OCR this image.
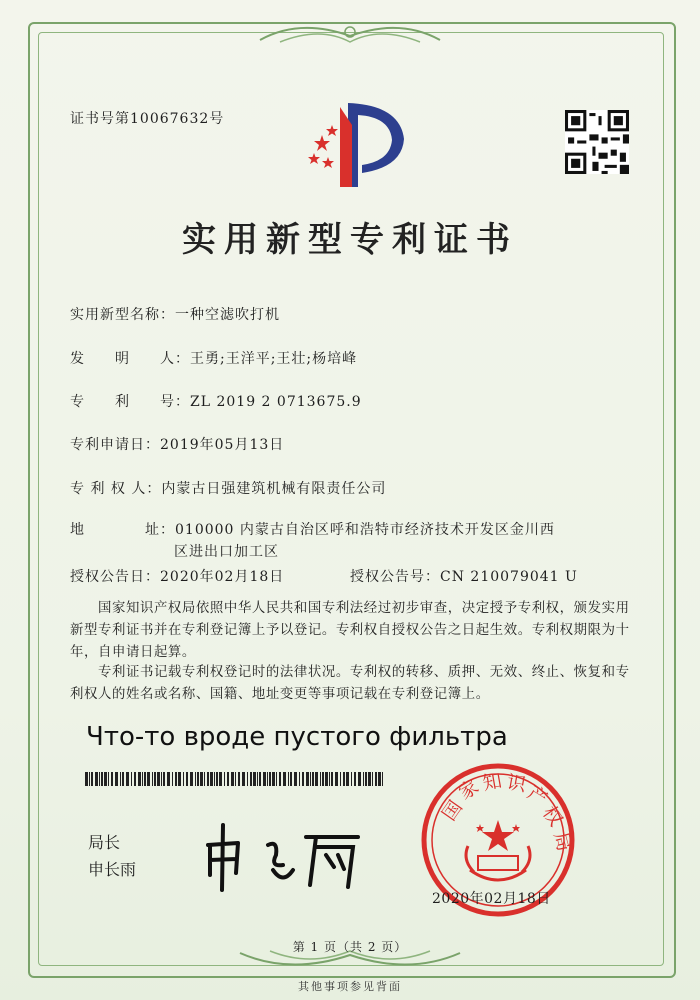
证书号第10067632号
实用新型专利证书
实用新型名称：一种空滤吹打机
发　　明　　人：王勇;王洋平;王壮;杨培峰
专　　利　　号：ZL 2019 2 0713675.9
专利申请日：2019年05月13日
专 利 权 人：内蒙古日强建筑机械有限责任公司
地　　　　址：010000 内蒙古自治区呼和浩特市经济技术开发区金川西
区进出口加工区
授权公告日：2020年02月18日	授权公告号：CN 210079041 U
　　国家知识产权局依照中华人民共和国专利法经过初步审查，决定授予专利权，颁发实用
新型专利证书并在专利登记簿上予以登记。专利权自授权公告之日起生效。专利权期限为十
年，自申请日起算。
　　专利证书记载专利权登记时的法律状况。专利权的转移、质押、无效、终止、恢复和专
利权人的姓名或名称、国籍、地址变更等事项记载在专利登记簿上。
Что-то вроде пустого фильтра
局长
申长雨
国
家
知 识
产
权
局
2020年02月18日
第 1 页（共 2 页）
其他事项参见背面
